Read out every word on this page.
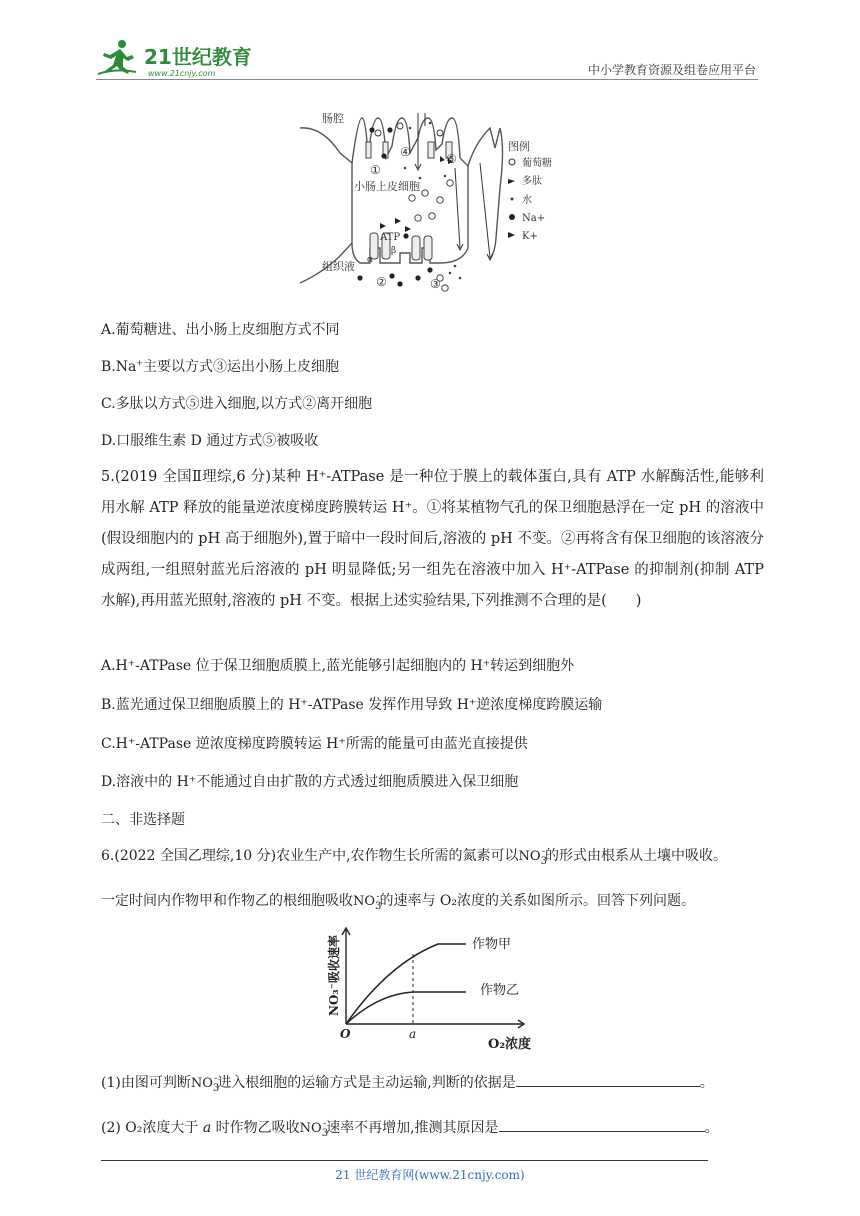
21世纪教育
www.21cnjy.com	中小学教育资源及组卷应用平台
肠腔
小肠上皮细胞
组织液
ATP
α
β
①
④	⑤
②	③
图例
葡萄糖
多肽
水
Na+
K+
A.葡萄糖进、出小肠上皮细胞方式不同
B.Na+主要以方式③运出小肠上皮细胞
C.多肽以方式⑤进入细胞,以方式②离开细胞
D.口服维生素 D 通过方式⑤被吸收
5.(2019 全国Ⅱ理综,6 分)某种 H⁺-ATPase 是一种位于膜上的载体蛋白,具有 ATP 水解酶活性,能够利用水解 ATP 释放的能量逆浓度梯度跨膜转运 H⁺。①将某植物气孔的保卫细胞悬浮在一定 pH 的溶液中(假设细胞内的 pH 高于细胞外),置于暗中一段时间后,溶液的 pH 不变。②再将含有保卫细胞的该溶液分成两组,一组照射蓝光后溶液的 pH 明显降低;另一组先在溶液中加入 H⁺-ATPase 的抑制剂(抑制 ATP 水解),再用蓝光照射,溶液的 pH 不变。根据上述实验结果,下列推测不合理的是(　　)
A.H⁺-ATPase 位于保卫细胞质膜上,蓝光能够引起细胞内的 H⁺转运到细胞外
B.蓝光通过保卫细胞质膜上的 H⁺-ATPase 发挥作用导致 H⁺逆浓度梯度跨膜运输
C.H⁺-ATPase 逆浓度梯度跨膜转运 H⁺所需的能量可由蓝光直接提供
D.溶液中的 H⁺不能通过自由扩散的方式透过细胞质膜进入保卫细胞
二、非选择题
6.(2022 全国乙理综,10 分)农业生产中,农作物生长所需的氮素可以$NO_3^-$的形式由根系从土壤中吸收。
一定时间内作物甲和作物乙的根细胞吸收$NO_3^-$的速率与 O₂浓度的关系如图所示。回答下列问题。
作物甲
作物乙
O	a
O₂浓度
NO₃⁻吸收速率
(1)由图可判断$NO_3^-$进入根细胞的运输方式是主动运输,判断的依据是	。
(2) O₂浓度大于 a 时作物乙吸收$NO_3^-$速率不再增加,推测其原因是	。
21 世纪教育网(www.21cnjy.com)
